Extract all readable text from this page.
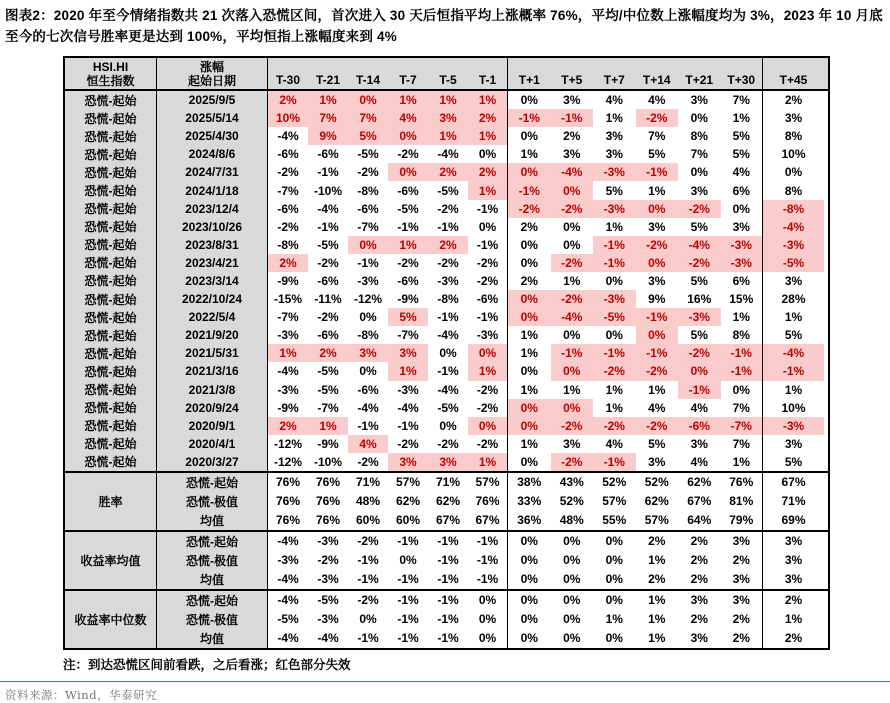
图表2：2020 年至今情绪指数共 21 次落入恐慌区间，首次进入 30 天后恒指平均上涨概率 76%，平均/中位数上涨幅度均为 3%，2023 年 10 月底至今的七次信号胜率更是达到 100%，平均恒指上涨幅度来到 4%
HSI.HI
恒生指数
涨幅
起始日期	T-30	T-21	T-14	T-7	T-5	T-1	T+1	T+5	T+7	T+14	T+21	T+30	T+45
恐慌-起始	2025/9/5	2%	1%	0%	1%	1%	1%	0%	3%	4%	4%	3%	7%	2%
恐慌-起始	2025/5/14	10%	7%	7%	4%	3%	2%	-1%	-1%	1%	-2%	0%	1%	3%
恐慌-起始	2025/4/30	-4%	9%	5%	0%	1%	1%	0%	2%	3%	7%	8%	5%	8%
恐慌-起始	2024/8/6	-6%	-6%	-5%	-2%	-4%	0%	1%	3%	3%	5%	7%	5%	10%
恐慌-起始	2024/7/31	-2%	-1%	-2%	0%	2%	2%	0%	-4%	-3%	-1%	0%	4%	0%
恐慌-起始	2024/1/18	-7%	-10%	-8%	-6%	-5%	1%	-1%	0%	5%	1%	3%	6%	8%
恐慌-起始	2023/12/4	-6%	-4%	-6%	-5%	-2%	-1%	-2%	-2%	-3%	0%	-2%	0%	-8%
恐慌-起始	2023/10/26	-2%	-1%	-7%	-1%	-1%	0%	2%	0%	1%	3%	5%	3%	-4%
恐慌-起始	2023/8/31	-8%	-5%	0%	1%	2%	-1%	0%	0%	-1%	-2%	-4%	-3%	-3%
恐慌-起始	2023/4/21	2%	-2%	-1%	-2%	-2%	-2%	0%	-2%	-1%	0%	-2%	-3%	-5%
恐慌-起始	2023/3/14	-9%	-6%	-3%	-6%	-3%	-2%	2%	1%	0%	3%	5%	6%	3%
恐慌-起始	2022/10/24	-15%	-11%	-12%	-9%	-8%	-6%	0%	-2%	-3%	9%	16%	15%	28%
恐慌-起始	2022/5/4	-7%	-2%	0%	5%	-1%	-1%	0%	-4%	-5%	-1%	-3%	1%	1%
恐慌-起始	2021/9/20	-3%	-6%	-8%	-7%	-4%	-3%	1%	0%	0%	0%	5%	8%	5%
恐慌-起始	2021/5/31	1%	2%	3%	3%	0%	0%	1%	-1%	-1%	-1%	-2%	-1%	-4%
恐慌-起始	2021/3/16	-4%	-5%	0%	1%	-1%	1%	0%	0%	-2%	-2%	0%	-1%	-1%
恐慌-起始	2021/3/8	-3%	-5%	-6%	-3%	-4%	-2%	1%	1%	1%	1%	-1%	0%	1%
恐慌-起始	2020/9/24	-9%	-7%	-4%	-4%	-5%	-2%	0%	0%	1%	4%	4%	7%	10%
恐慌-起始	2020/9/1	2%	1%	-1%	-1%	0%	0%	0%	-2%	-2%	-2%	-6%	-7%	-3%
恐慌-起始	2020/4/1	-12%	-9%	4%	-2%	-2%	-2%	1%	3%	4%	5%	3%	7%	3%
恐慌-起始	2020/3/27	-12% -10%	-2%	3%	3%	1%	0%	-2%	-1%	3%	4%	1%	5%
胜率
恐慌-起始	76%	76%	71%	57%	71%	57%	38%	43%	52%	52%	62%	76%	67%
恐慌-极值	76%	76%	48%	62%	62%	76%	33%	52%	57%	62%	67%	81%	71%
均值	76%	76%	60%	60%	67%	67%	36%	48%	55%	57%	64%	79%	69%
收益率均值
恐慌-起始	-4%	-3%	-2%	-1%	-1%	-1%	0%	0%	0%	2%	2%	3%	3%
恐慌-极值	-3%	-2%	-1%	0%	-1%	-1%	0%	0%	0%	1%	2%	2%	3%
均值	-4%	-3%	-1%	-1%	-1%	-1%	0%	0%	0%	2%	2%	3%	3%
收益率中位数
恐慌-起始	-4%	-5%	-2%	-1%	-1%	0%	0%	0%	0%	1%	3%	3%	2%
恐慌-极值	-5%	-3%	0%	-1%	-1%	0%	0%	0%	1%	1%	2%	2%	1%
均值	-4%	-4%	-1%	-1%	-1%	0%	0%	0%	0%	1%	3%	2%	2%
注：到达恐慌区间前看跌，之后看涨；红色部分失效
资料来源：Wind，华泰研究
